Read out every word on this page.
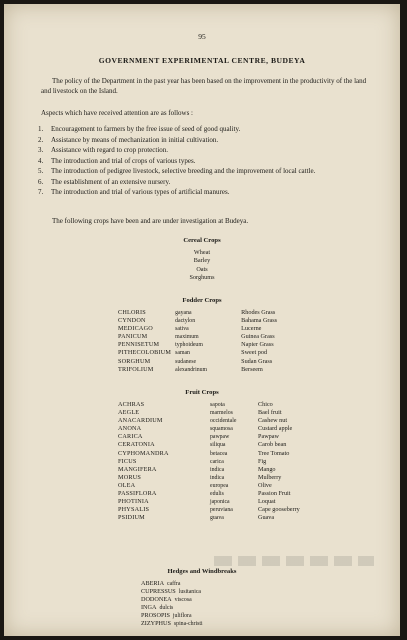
95
GOVERNMENT EXPERIMENTAL CENTRE, BUDEYA
The policy of the Department in the past year has been based on the improvement in the productivity of the land and livestock on the Island.
Aspects which have received attention are as follows :
1.	Encouragement to farmers by the free issue of seed of good quality.
2.	Assistance by means of mechanization in initial cultivation.
3.	Assistance with regard to crop protection.
4.	The introduction and trial of crops of various types.
5.	The introduction of pedigree livestock, selective breeding and the improvement of local cattle.
6.	The establishment of an extensive nursery.
7.	The introduction and trial of various types of artificial manures.
The following crops have been and are under investigation at Budeya.
Cereal Crops
Wheat
Barley
Oats
Sorghums
Fodder Crops
CHLORIS	gayana	Rhodes Grass
CYNDON	dactylon	Bahama Grass
MEDICAGO	sativa	Lucerne
PANICUM	maximum	Guinea Grass
PENNISETUM	typhoideum	Napier Grass
PITHECOLOBIUM	saman	Sweet pod
SORGHUM	sudanese	Sudan Grass
TRIFOLIUM	alexandrinum	Berseem
Fruit Crops
ACHRAS	sapota	Chico
AEGLE	marmelos	Bael fruit
ANACARDIUM	occidentale	Cashew nut
ANONA	squamosa	Custard apple
CARICA	pawpaw	Pawpaw
CERATONIA	siliqua	Carob bean
CYPHOMANDRA	betacea	Tree Tomato
FICUS	carica	Fig
MANGIFERA	indica	Mango
MORUS	indica	Mulberry
OLEA	europea	Olive
PASSIFLORA	edulis	Passion Fruit
PHOTINIA	japonica	Loquat
PHYSALIS	peruviana	Cape gooseberry
PSIDIUM	guava	Guava
Hedges and Windbreaks
ABERIA caffra
CUPRESSUS lusitanica
DODONEA viscosa
INGA dulcis
PROSOPIS juliflora
ZIZYPHUS spina-christi
